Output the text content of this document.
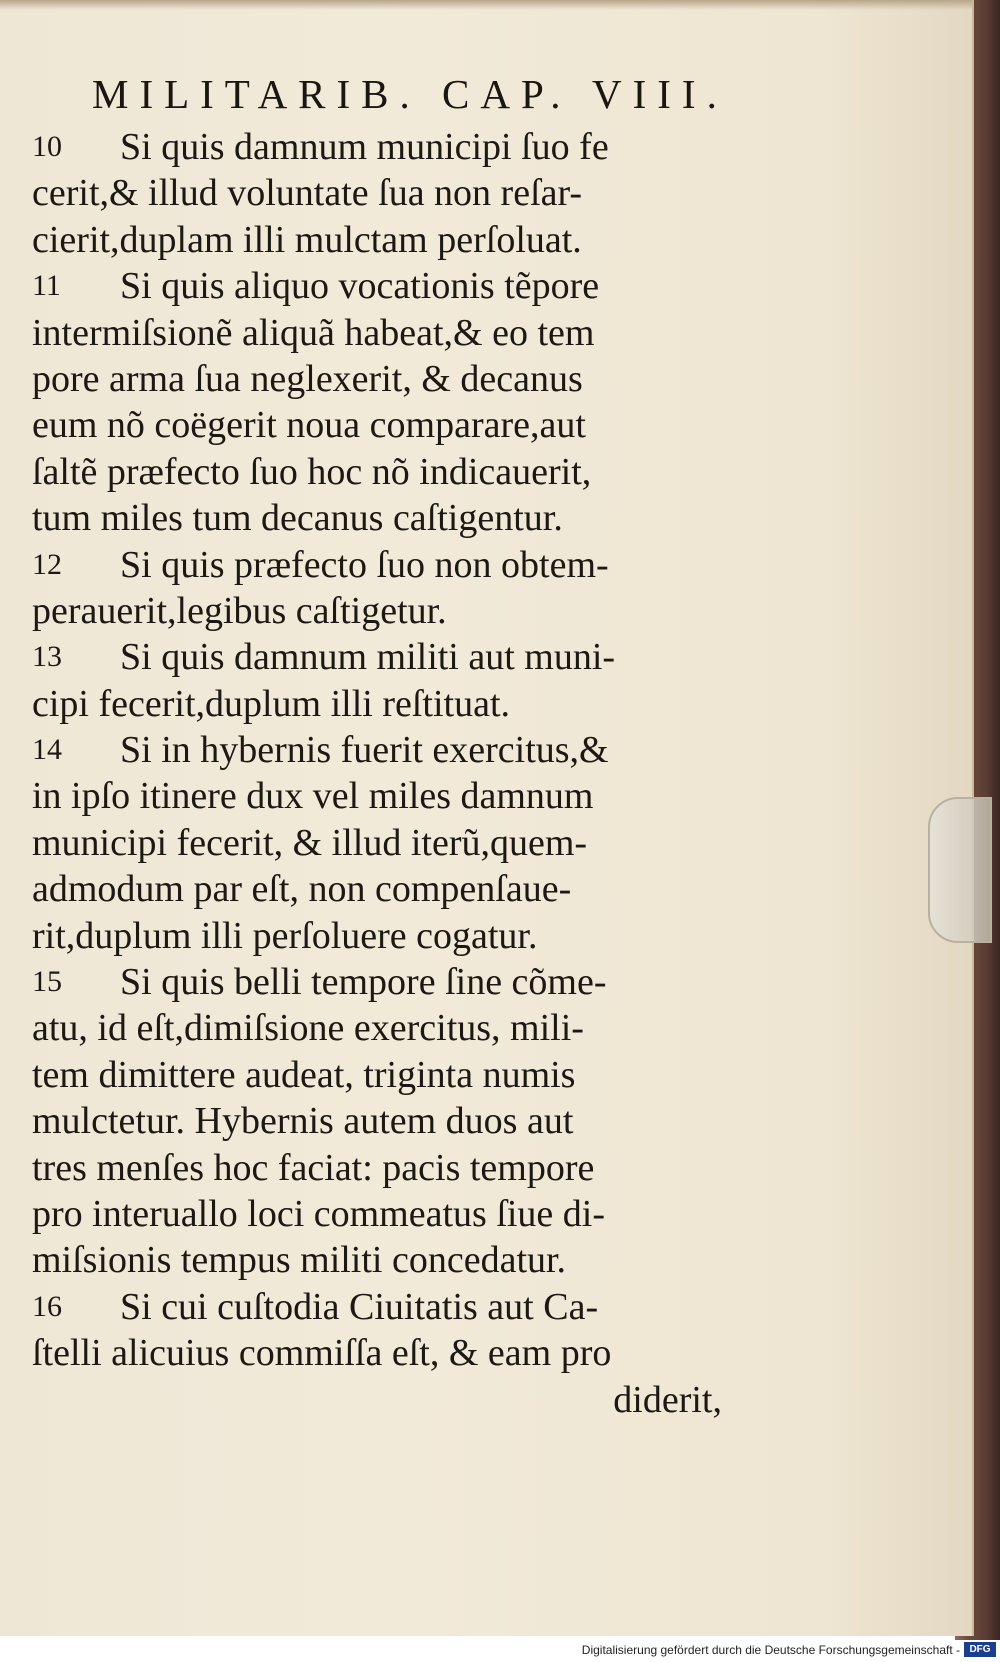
MILITARIB. CAP. VIII.
10	Si quis damnum municipi ſuo fe
cerit,& illud voluntate ſua non reſar-
cierit,duplam illi mulctam perſoluat.
11	Si quis aliquo vocationis tẽpore
intermiſsionẽ aliquã habeat,& eo tem
pore arma ſua neglexerit, & decanus
eum nõ coëgerit noua comparare,aut
ſaltẽ præfecto ſuo hoc nõ indicauerit,
tum miles tum decanus caſtigentur.
12	Si quis præfecto ſuo non obtem-
perauerit,legibus caſtigetur.
13	Si quis damnum militi aut muni-
cipi fecerit,duplum illi reſtituat.
14	Si in hybernis fuerit exercitus,&
in ipſo itinere dux vel miles damnum
municipi fecerit, & illud iterũ,quem-
admodum par eſt, non compenſaue-
rit,duplum illi perſoluere cogatur.
15	Si quis belli tempore ſine cõme-
atu, id eſt,dimiſsione exercitus, mili-
tem dimittere audeat, triginta numis
mulctetur. Hybernis autem duos aut
tres menſes hoc faciat: pacis tempore
pro interuallo loci commeatus ſiue di-
miſsionis tempus militi concedatur.
16	Si cui cuſtodia Ciuitatis aut Ca-
ſtelli alicuius commiſſa eſt, & eam pro
diderit,
Digitalisierung gefördert durch die Deutsche Forschungsgemeinschaft - DFG
